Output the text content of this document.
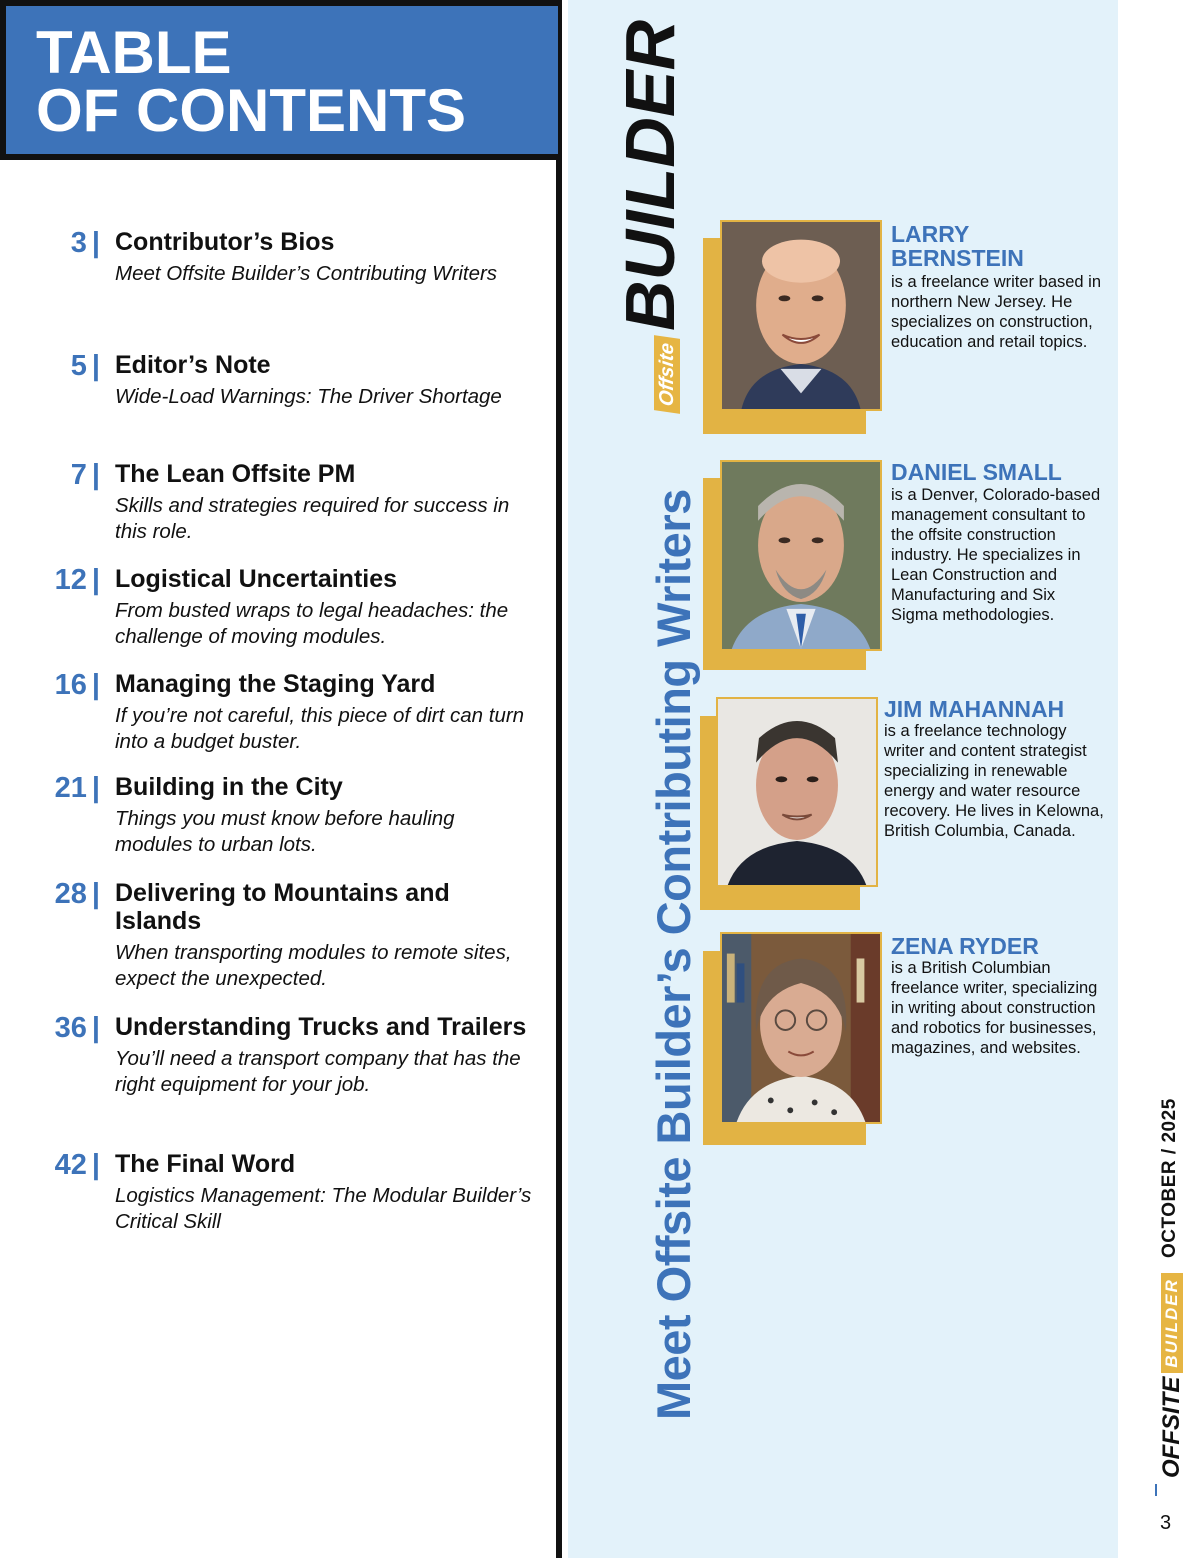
TABLE
OF CONTENTS
3 | Contributor’s Bios
Meet Offsite Builder’s Contributing Writers
5 | Editor’s Note
Wide-Load Warnings: The Driver Shortage
7 | The Lean Offsite PM
Skills and strategies required for success in this role.
12 | Logistical Uncertainties
From busted wraps to legal headaches: the challenge of moving modules.
16 | Managing the Staging Yard
If you’re not careful, this piece of dirt can turn into a budget buster.
21 | Building in the City
Things you must know before hauling modules to urban lots.
28 | Delivering to Mountains and Islands
When transporting modules to remote sites, expect the unexpected.
36 | Understanding Trucks and Trailers
You’ll need a transport company that has the right equipment for your job.
42 | The Final Word
Logistics Management: The Modular Builder’s Critical Skill	Meet Offsite Builder’s Contributing Writers
Offsite
BUILDER	LARRY
BERNSTEIN
is a freelance writer based in northern New Jersey. He specializes on construction, education and retail topics.
DANIEL SMALL
is a Denver, Colorado-based management consultant to the offsite construction industry. He specializes in Lean Construction and Manufacturing and Six Sigma methodologies.
JIM MAHANNAH
is a freelance technology writer and content strategist specializing in renewable energy and water resource recovery. He lives in Kelowna, British Columbia, Canada.
ZENA RYDER
is a British Columbian freelance writer, specializing in writing about construction and robotics for businesses, magazines, and websites.
OCTOBER / 2025
OFFSITE
BUILDER
3
